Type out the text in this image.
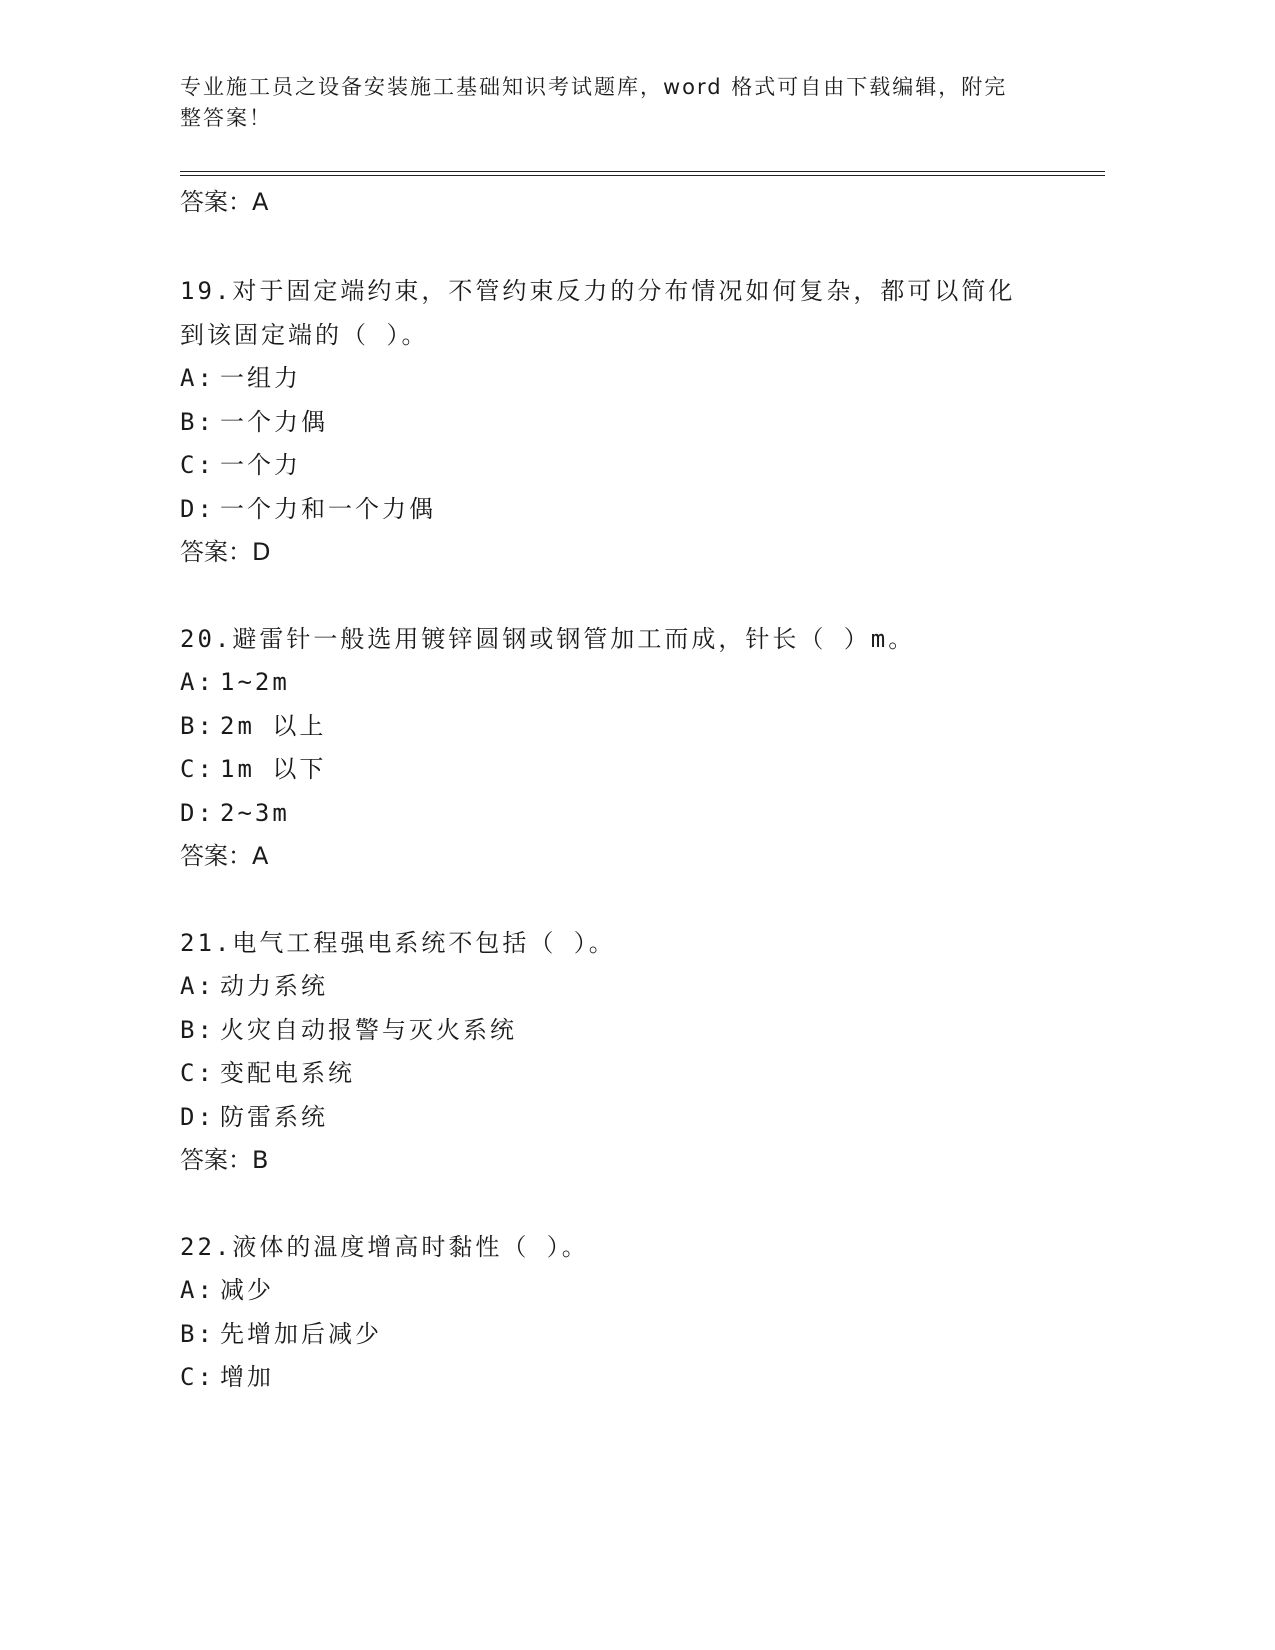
专业施工员之设备安装施工基础知识考试题库，word 格式可自由下载编辑，附完
整答案！
答案：A
19.对于固定端约束，不管约束反力的分布情况如何复杂，都可以简化
到该固定端的（ ）。
A: 一组力
B: 一个力偶
C: 一个力
D: 一个力和一个力偶
答案：D
20.避雷针一般选用镀锌圆钢或钢管加工而成，针长（ ）m。
A: 1~2m
B: 2m 以上
C: 1m 以下
D: 2~3m
答案：A
21.电气工程强电系统不包括（ ）。
A: 动力系统
B: 火灾自动报警与灭火系统
C: 变配电系统
D: 防雷系统
答案：B
22.液体的温度增高时黏性（ ）。
A: 减少
B: 先增加后减少
C: 增加
